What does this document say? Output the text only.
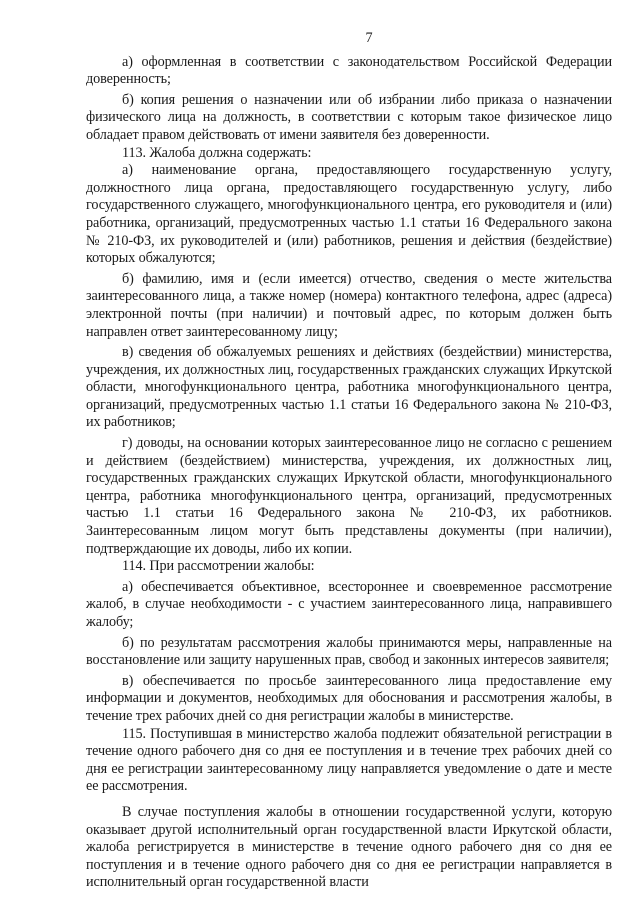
7

а) оформленная в соответствии с законодательством Российской Федерации доверенность;

б) копия решения о назначении или об избрании либо приказа о назначении физического лица на должность, в соответствии с которым такое физическое лицо обладает правом действовать от имени заявителя без доверенности.

113. Жалоба должна содержать:

а) наименование органа, предоставляющего государственную услугу, должностного лица органа, предоставляющего государственную услугу, либо государственного служащего, многофункционального центра, его руководителя и (или) работника, организаций, предусмотренных частью 1.1 статьи 16 Федерального закона № 210-ФЗ, их руководителей и (или) работников, решения и действия (бездействие) которых обжалуются;

б) фамилию, имя и (если имеется) отчество, сведения о месте жительства заинтересованного лица, а также номер (номера) контактного телефона, адрес (адреса) электронной почты (при наличии) и почтовый адрес, по которым должен быть направлен ответ заинтересованному лицу;

в) сведения об обжалуемых решениях и действиях (бездействии) министерства, учреждения, их должностных лиц, государственных гражданских служащих Иркутской области, многофункционального центра, работника многофункционального центра, организаций, предусмотренных частью 1.1 статьи 16 Федерального закона № 210-ФЗ, их работников;

г) доводы, на основании которых заинтересованное лицо не согласно с решением и действием (бездействием) министерства, учреждения, их должностных лиц, государственных гражданских служащих Иркутской области, многофункционального центра, работника многофункционального центра, организаций, предусмотренных частью 1.1 статьи 16 Федерального закона № 210-ФЗ, их работников. Заинтересованным лицом могут быть представлены документы (при наличии), подтверждающие их доводы, либо их копии.

114. При рассмотрении жалобы:

а) обеспечивается объективное, всестороннее и своевременное рассмотрение жалоб, в случае необходимости - с участием заинтересованного лица, направившего жалобу;

б) по результатам рассмотрения жалобы принимаются меры, направленные на восстановление или защиту нарушенных прав, свобод и законных интересов заявителя;

в) обеспечивается по просьбе заинтересованного лица предоставление ему информации и документов, необходимых для обоснования и рассмотрения жалобы, в течение трех рабочих дней со дня регистрации жалобы в министерстве.

115. Поступившая в министерство жалоба подлежит обязательной регистрации в течение одного рабочего дня со дня ее поступления и в течение трех рабочих дней со дня ее регистрации заинтересованному лицу направляется уведомление о дате и месте ее рассмотрения.

В случае поступления жалобы в отношении государственной услуги, которую оказывает другой исполнительный орган государственной власти Иркутской области, жалоба регистрируется в министерстве в течение одного рабочего дня со дня ее поступления и в течение одного рабочего дня со дня ее регистрации направляется в исполнительный орган государственной власти
